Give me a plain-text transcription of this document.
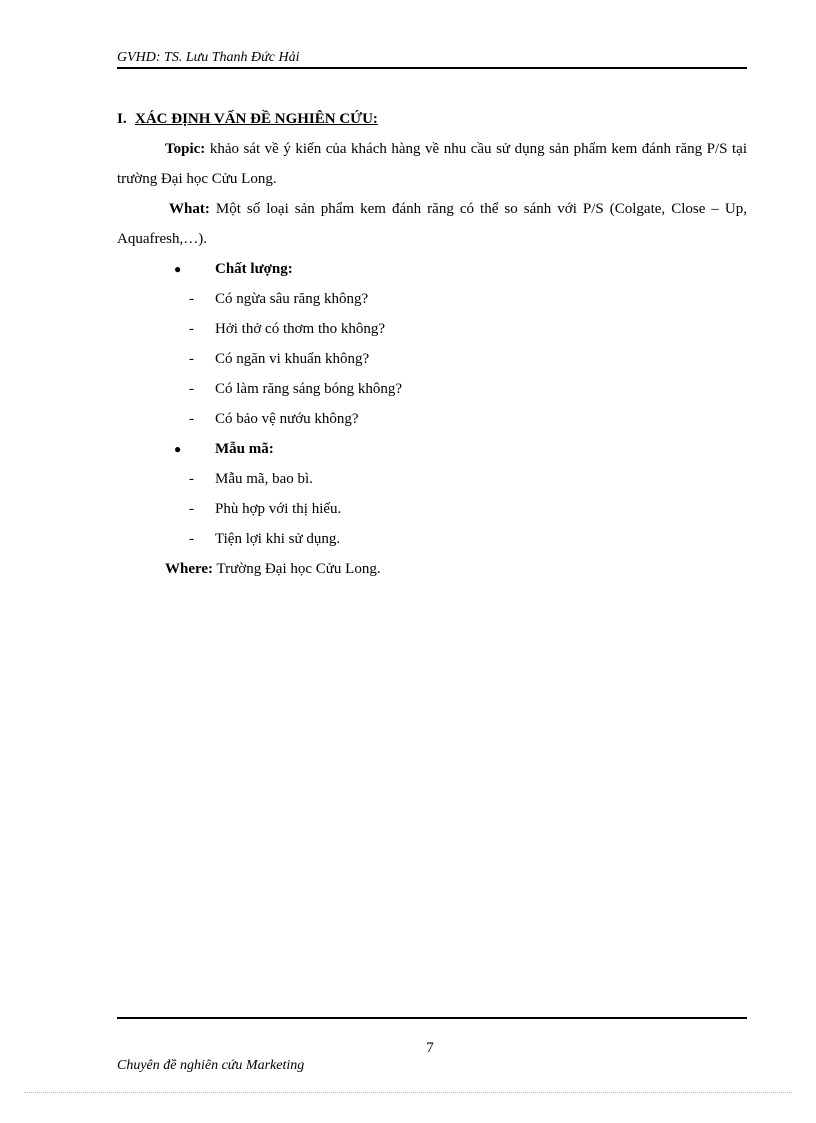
GVHD: TS. Lưu Thanh Đức Hải
I. XÁC ĐỊNH VẤN ĐỀ NGHIÊN CỨU:

Topic: khảo sát về ý kiến của khách hàng về nhu cầu sử dụng sản phẩm kem đánh răng P/S tại trường Đại học Cửu Long.

What: Một số loại sản phẩm kem đánh răng có thể so sánh với P/S (Colgate, Close – Up, Aquafresh,…).

● Chất lượng:
- Có ngừa sâu răng không?
- Hởi thở có thơm tho không?
- Có ngăn vi khuẩn không?
- Có làm răng sáng bóng không?
- Có bảo vệ nướu không?
● Mẫu mã:
- Mẫu mã, bao bì.
- Phù hợp với thị hiếu.
- Tiện lợi khi sử dụng.
Where: Trường Đại học Cửu Long.
7
Chuyên đề nghiên cứu Marketing
